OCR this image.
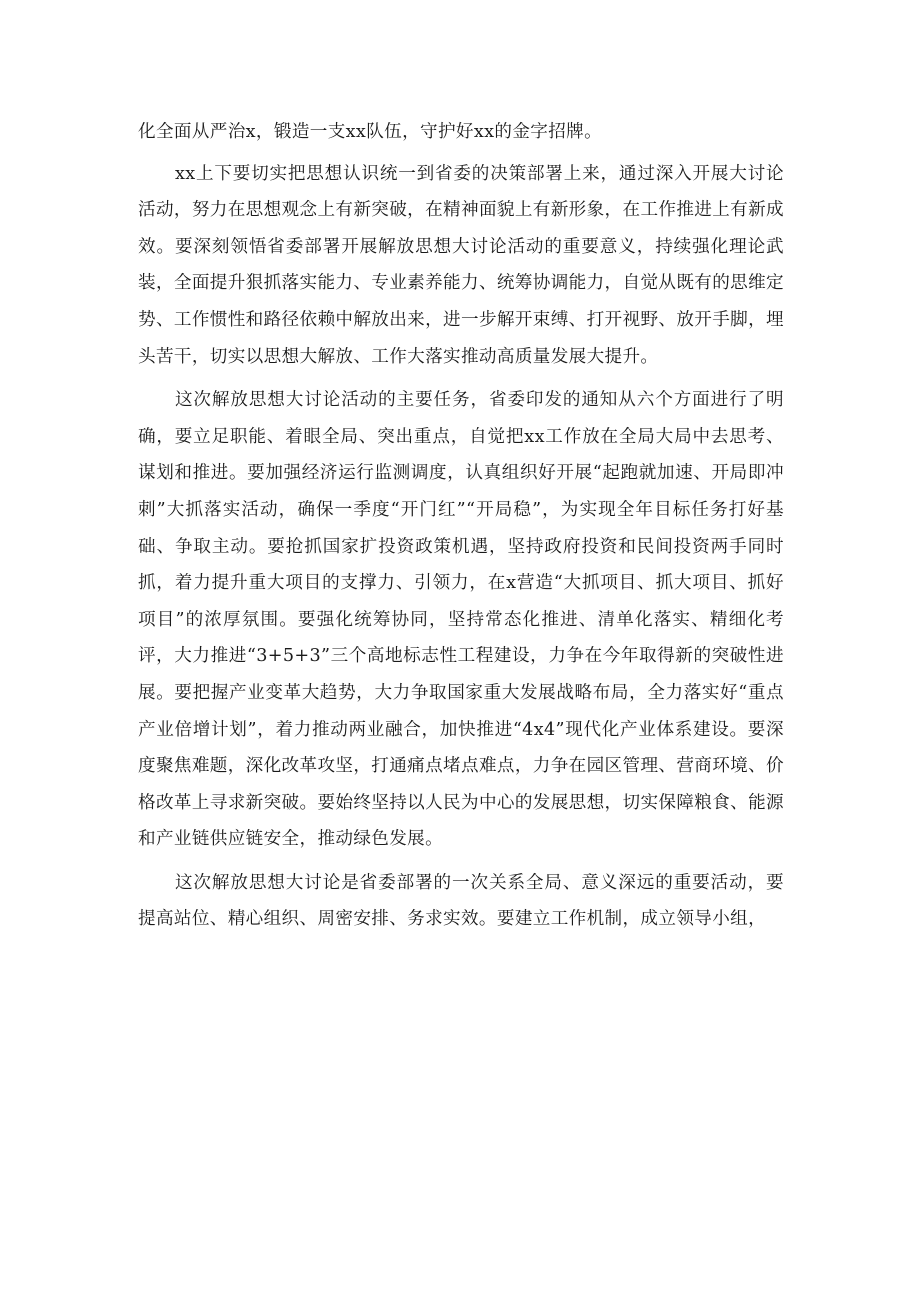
化全面从严治x，锻造一支xx队伍，守护好xx的金字招牌。

xx上下要切实把思想认识统一到省委的决策部署上来，通过深入开展大讨论活动，努力在思想观念上有新突破，在精神面貌上有新形象，在工作推进上有新成效。要深刻领悟省委部署开展解放思想大讨论活动的重要意义，持续强化理论武装，全面提升狠抓落实能力、专业素养能力、统筹协调能力，自觉从既有的思维定势、工作惯性和路径依赖中解放出来，进一步解开束缚、打开视野、放开手脚，埋头苦干，切实以思想大解放、工作大落实推动高质量发展大提升。

这次解放思想大讨论活动的主要任务，省委印发的通知从六个方面进行了明确，要立足职能、着眼全局、突出重点，自觉把xx工作放在全局大局中去思考、谋划和推进。要加强经济运行监测调度，认真组织好开展“起跑就加速、开局即冲刺”大抓落实活动，确保一季度“开门红”“开局稳”，为实现全年目标任务打好基础、争取主动。要抢抓国家扩投资政策机遇，坚持政府投资和民间投资两手同时抓，着力提升重大项目的支撑力、引领力，在x营造“大抓项目、抓大项目、抓好项目”的浓厚氛围。要强化统筹协同，坚持常态化推进、清单化落实、精细化考评，大力推进“3+5+3”三个高地标志性工程建设，力争在今年取得新的突破性进展。要把握产业变革大趋势，大力争取国家重大发展战略布局，全力落实好“重点产业倍增计划”，着力推动两业融合，加快推进“4x4”现代化产业体系建设。要深度聚焦难题，深化改革攻坚，打通痛点堵点难点，力争在园区管理、营商环境、价格改革上寻求新突破。要始终坚持以人民为中心的发展思想，切实保障粮食、能源和产业链供应链安全，推动绿色发展。

这次解放思想大讨论是省委部署的一次关系全局、意义深远的重要活动，要提高站位、精心组织、周密安排、务求实效。要建立工作机制，成立领导小组，
